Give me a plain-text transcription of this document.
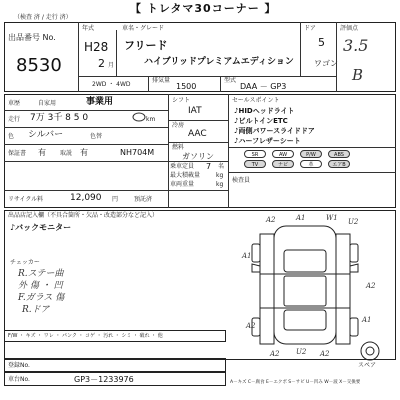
【 トレタマ30コーナー 】
（検査 済 / 走行 済）
出品番号 No.
8530
年式
H28
2 月
車名・グレード
フリード
ハイブリッドプレミアムエディション
ドア
5
ワゴン
評価点
3.5
B
2WD ・ 4WD
排気量
1500
型式
DAA － GP3
車歴	自家用	事業用
走行 7万 3千 8 5 0	km
色 シルバー	色替
保証書 有 取説 有	NH704M
シフト
IAT
冷房
AAC
燃料
ガソリン
乗車定員 7 名
最大積載量	kg
車両重量	kg
セールスポイント
♪HIDヘッドライト
♪ビルトインETC
♪両側パワースライドドア
♪ハーフレザーシート
SR	AW	P/W	ABS
TV	ナビ	革	エアB
検査員
リサイクル料	12,090 円	預託済
出品店記入欄（不具合箇所・欠品・改造部分など記入）
♪バックモニター
チェッカー
R.ステー曲
外 傷 ・ 凹
F.ガラス 傷
R.ドア
A2	A1	W1 U2
A1
A2
A2
A1
A2 U2 A2
スペア
F/W ・ キズ ・ ワレ ・ パンク ・ コゲ ・ 汚れ ・ シミ ・ 破れ ・ 他
登録No.
車台No.	GP3－1233976	A－キズ C－腐食 E－エクボ S－サビ U－凹み W－波 X－交換要
